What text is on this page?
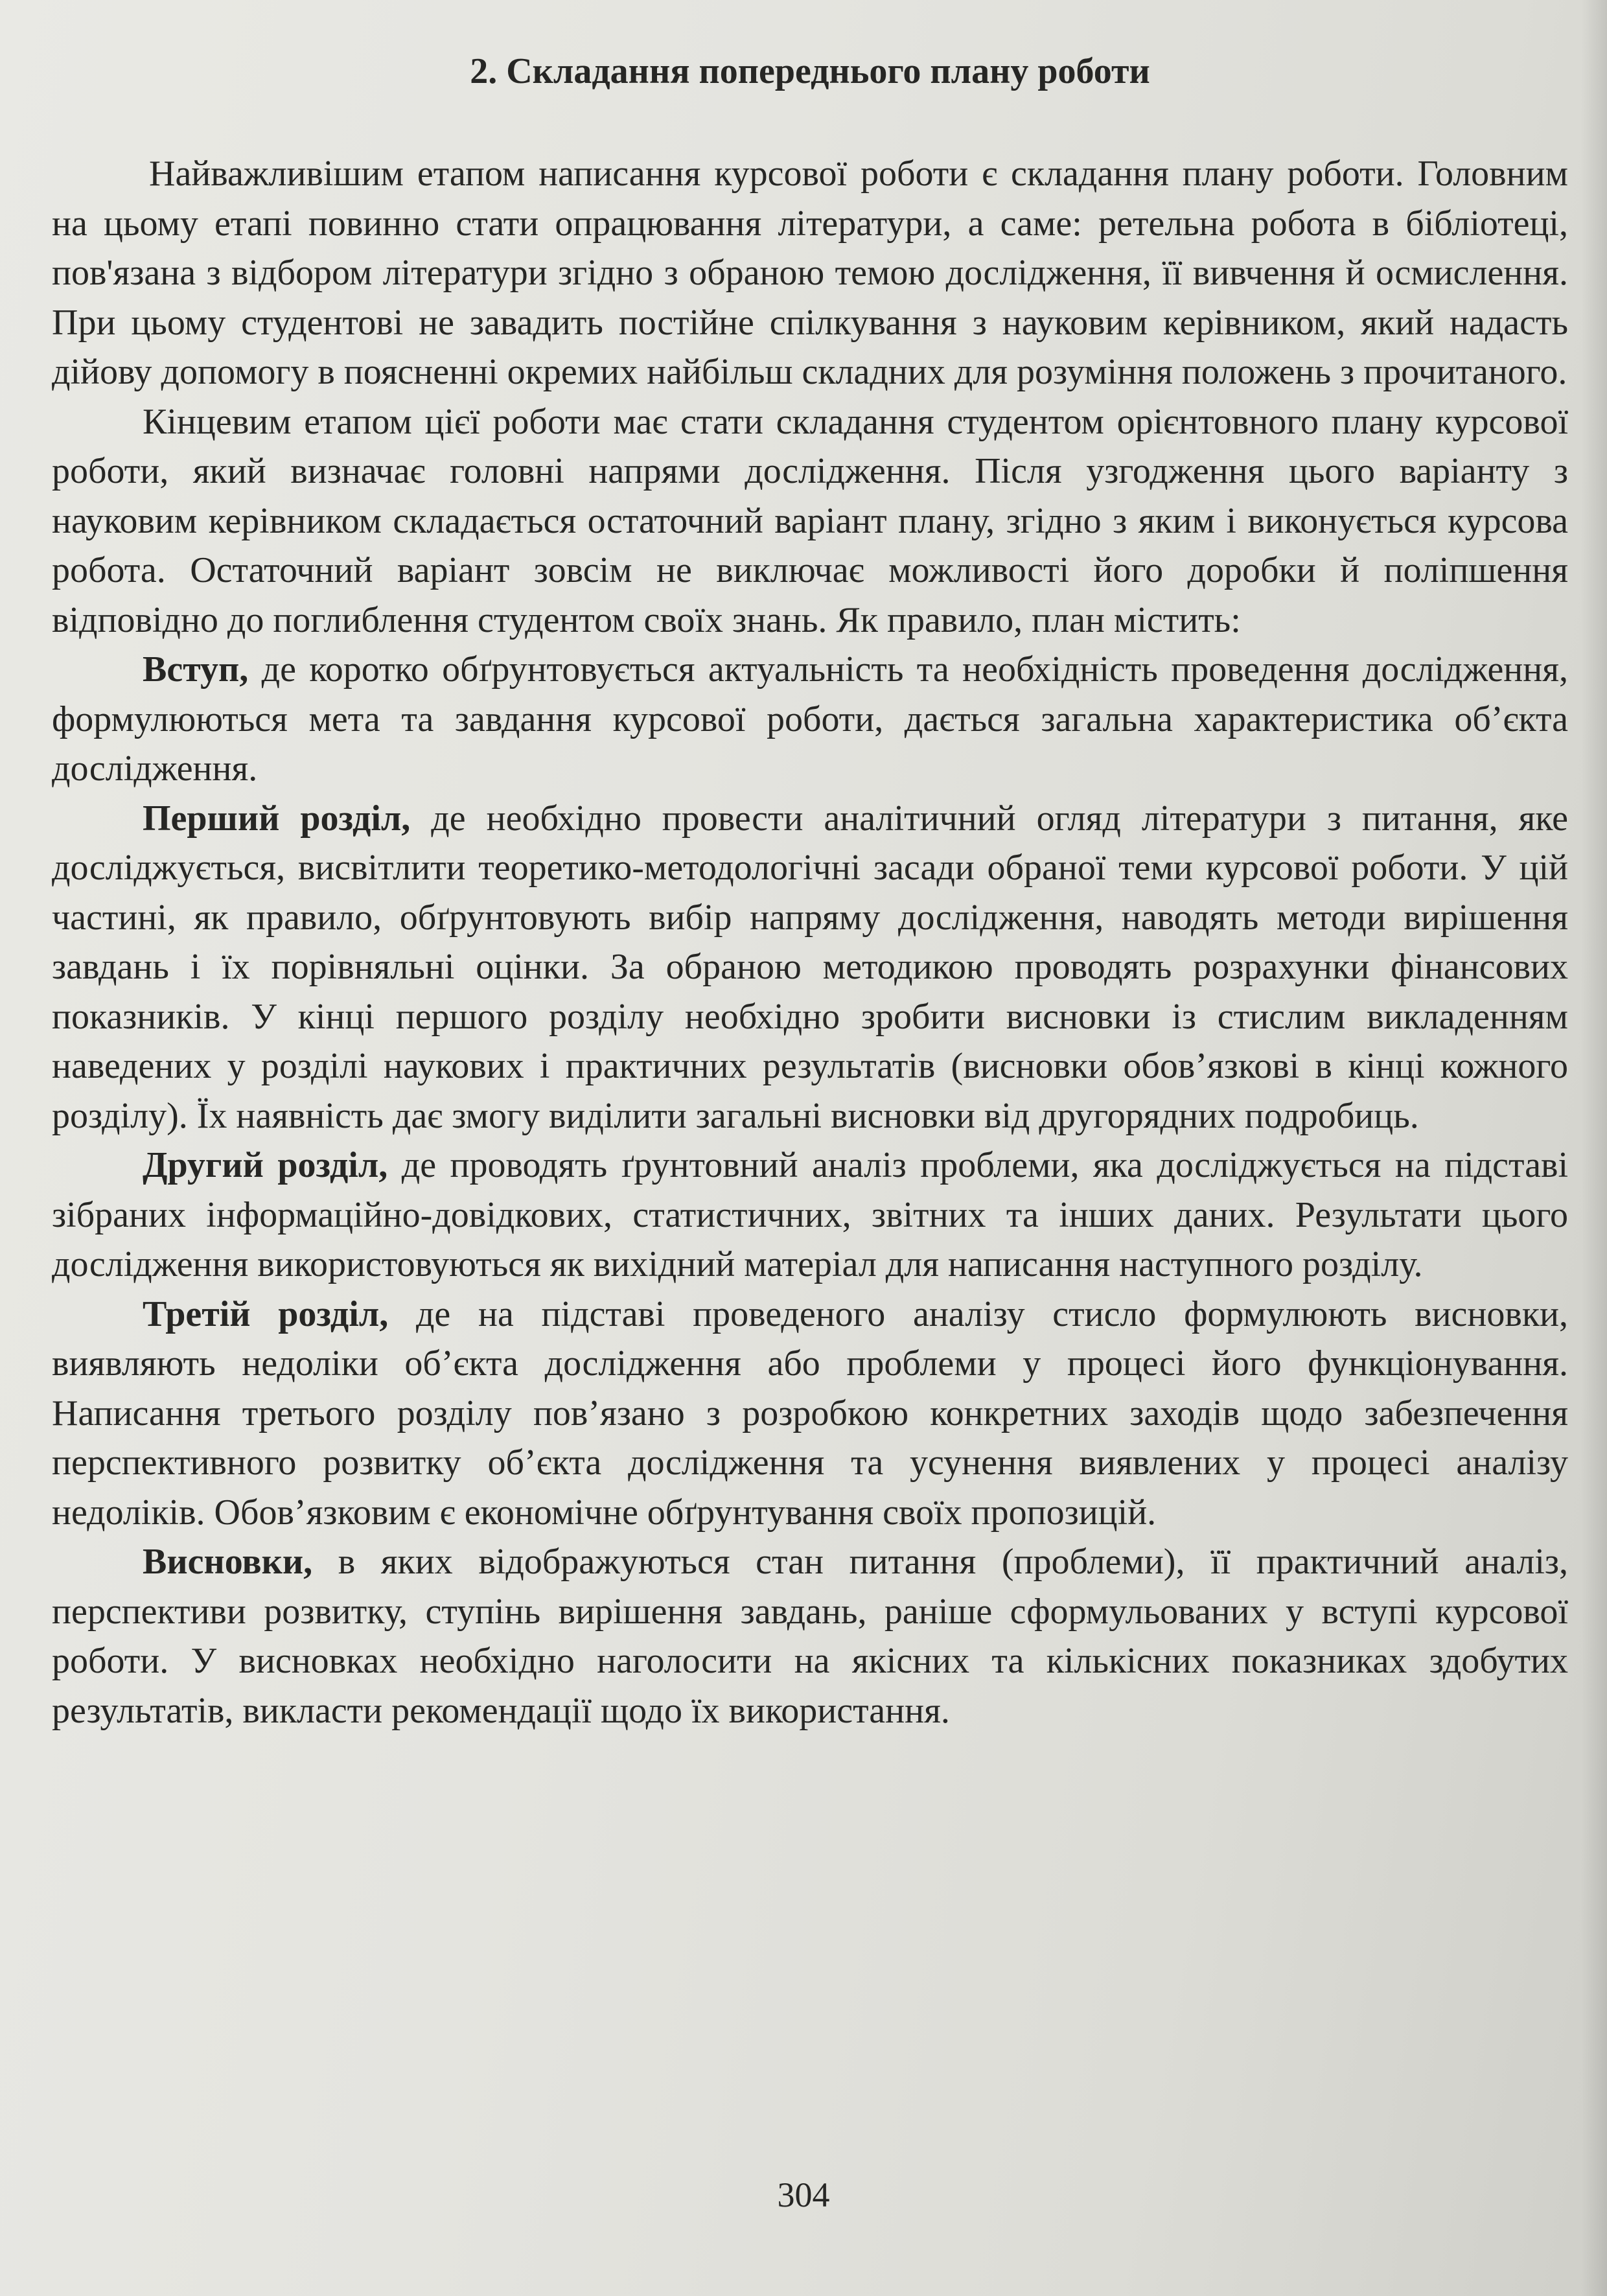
2. Складання попереднього плану роботи

Найважливішим етапом написання курсової роботи є складання плану роботи. Головним на цьому етапі повинно стати опрацювання літератури, а саме: ретельна робота в бібліотеці, пов'язана з відбором літератури згідно з обраною темою дослідження, її вивчення й осмислення. При цьому студентові не завадить постійне спілкування з науковим керівником, який надасть дійову допомогу в поясненні окремих найбільш складних для розуміння положень з прочитаного.

Кінцевим етапом цієї роботи має стати складання студентом орієнтовного плану курсової роботи, який визначає головні напрями дослідження. Після узгодження цього варіанту з науковим керівником складається остаточний варіант плану, згідно з яким і виконується курсова робота. Остаточний варіант зовсім не виключає можливості його доробки й поліпшення відповідно до поглиблення студентом своїх знань. Як правило, план містить:

Вступ, де коротко обґрунтовується актуальність та необхідність проведення дослідження, формулюються мета та завдання курсової роботи, дається загальна характеристика об’єкта дослідження.

Перший розділ, де необхідно провести аналітичний огляд літератури з питання, яке досліджується, висвітлити теоретико-методологічні засади обраної теми курсової роботи. У цій частині, як правило, обґрунтовують вибір напряму дослідження, наводять методи вирішення завдань і їх порівняльні оцінки. За обраною методикою проводять розрахунки фінансових показників. У кінці першого розділу необхідно зробити висновки із стислим викладенням наведених у розділі наукових і практичних результатів (висновки обов’язкові в кінці кожного розділу). Їх наявність дає змогу виділити загальні висновки від другорядних подробиць.

Другий розділ, де проводять ґрунтовний аналіз проблеми, яка досліджується на підставі зібраних інформаційно-довідкових, статистичних, звітних та інших даних. Результати цього дослідження використовуються як вихідний матеріал для написання наступного розділу.

Третій розділ, де на підставі проведеного аналізу стисло формулюють висновки, виявляють недоліки об’єкта дослідження або проблеми у процесі його функціонування. Написання третього розділу пов’язано з розробкою конкретних заходів щодо забезпечення перспективного розвитку об’єкта дослідження та усунення виявлених у процесі аналізу недоліків. Обов’язковим є економічне обґрунтування своїх пропозицій.

Висновки, в яких відображуються стан питання (проблеми), її практичний аналіз, перспективи розвитку, ступінь вирішення завдань, раніше сформульованих у вступі курсової роботи. У висновках необхідно наголосити на якісних та кількісних показниках здобутих результатів, викласти рекомендації щодо їх використання.

304
